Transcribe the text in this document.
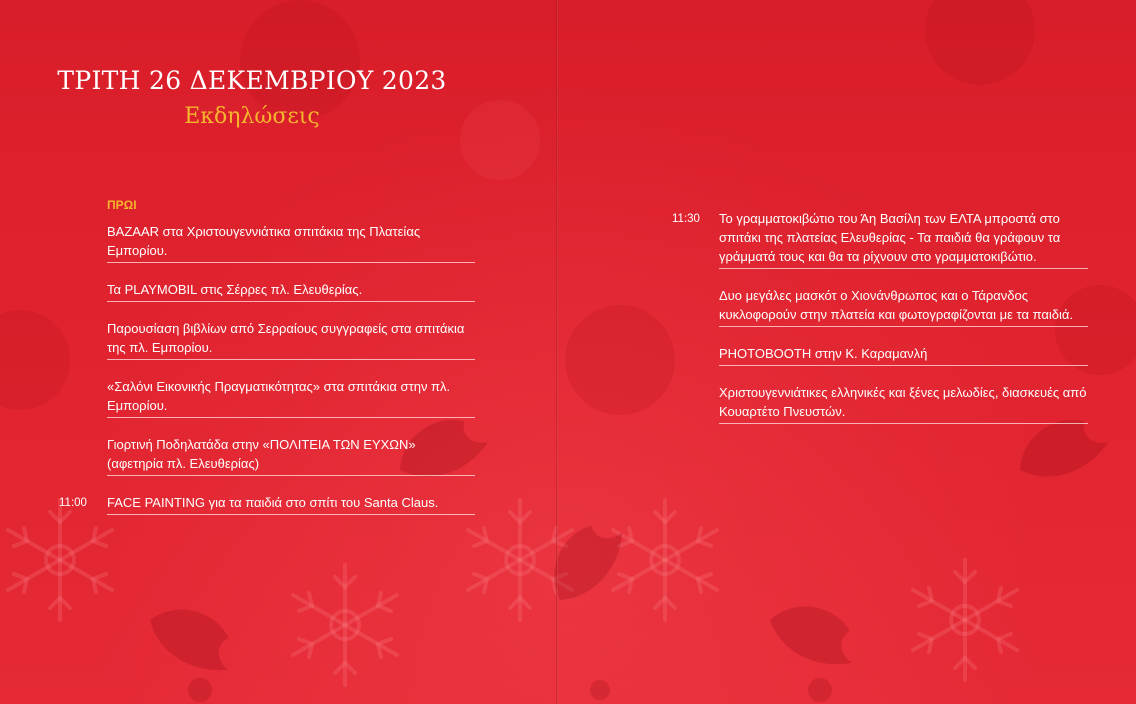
ΤΡΙΤΗ 26 ΔΕΚΕΜΒΡΙΟΥ 2023
Εκδηλώσεις
ΠΡΩΙ
BAZAAR στα Χριστουγεννιάτικα σπιτάκια της Πλατείας Εμπορίου.
Τα PLAYMOBIL στις Σέρρες πλ. Ελευθερίας.
Παρουσίαση βιβλίων από Σερραίους συγγραφείς στα σπιτάκια της πλ. Εμπορίου.
«Σαλόνι Εικονικής Πραγματικότητας» στα σπιτάκια στην πλ. Εμπορίου.
Γιορτινή Ποδηλατάδα στην «ΠΟΛΙΤΕΙΑ ΤΩΝ ΕΥΧΩΝ» (αφετηρία πλ. Ελευθερίας)
11:00 FACE PAINTING για τα παιδιά στο σπίτι του Santa Claus.
11:30 Το γραμματοκιβώτιο του Άη Βασίλη των ΕΛΤΑ μπροστά στο σπιτάκι της πλατείας Ελευθερίας - Τα παιδιά θα γράφουν τα γράμματά τους και θα τα ρίχνουν στο γραμματοκιβώτιο.
Δυο μεγάλες μασκότ ο Χιονάνθρωπος και ο Τάρανδος κυκλοφορούν στην πλατεία και φωτογραφίζονται με τα παιδιά.
PHOTOBOOTH στην Κ. Καραμανλή
Χριστουγεννιάτικες ελληνικές και ξένες μελωδίες, διασκευές από Κουαρτέτο Πνευστών.
